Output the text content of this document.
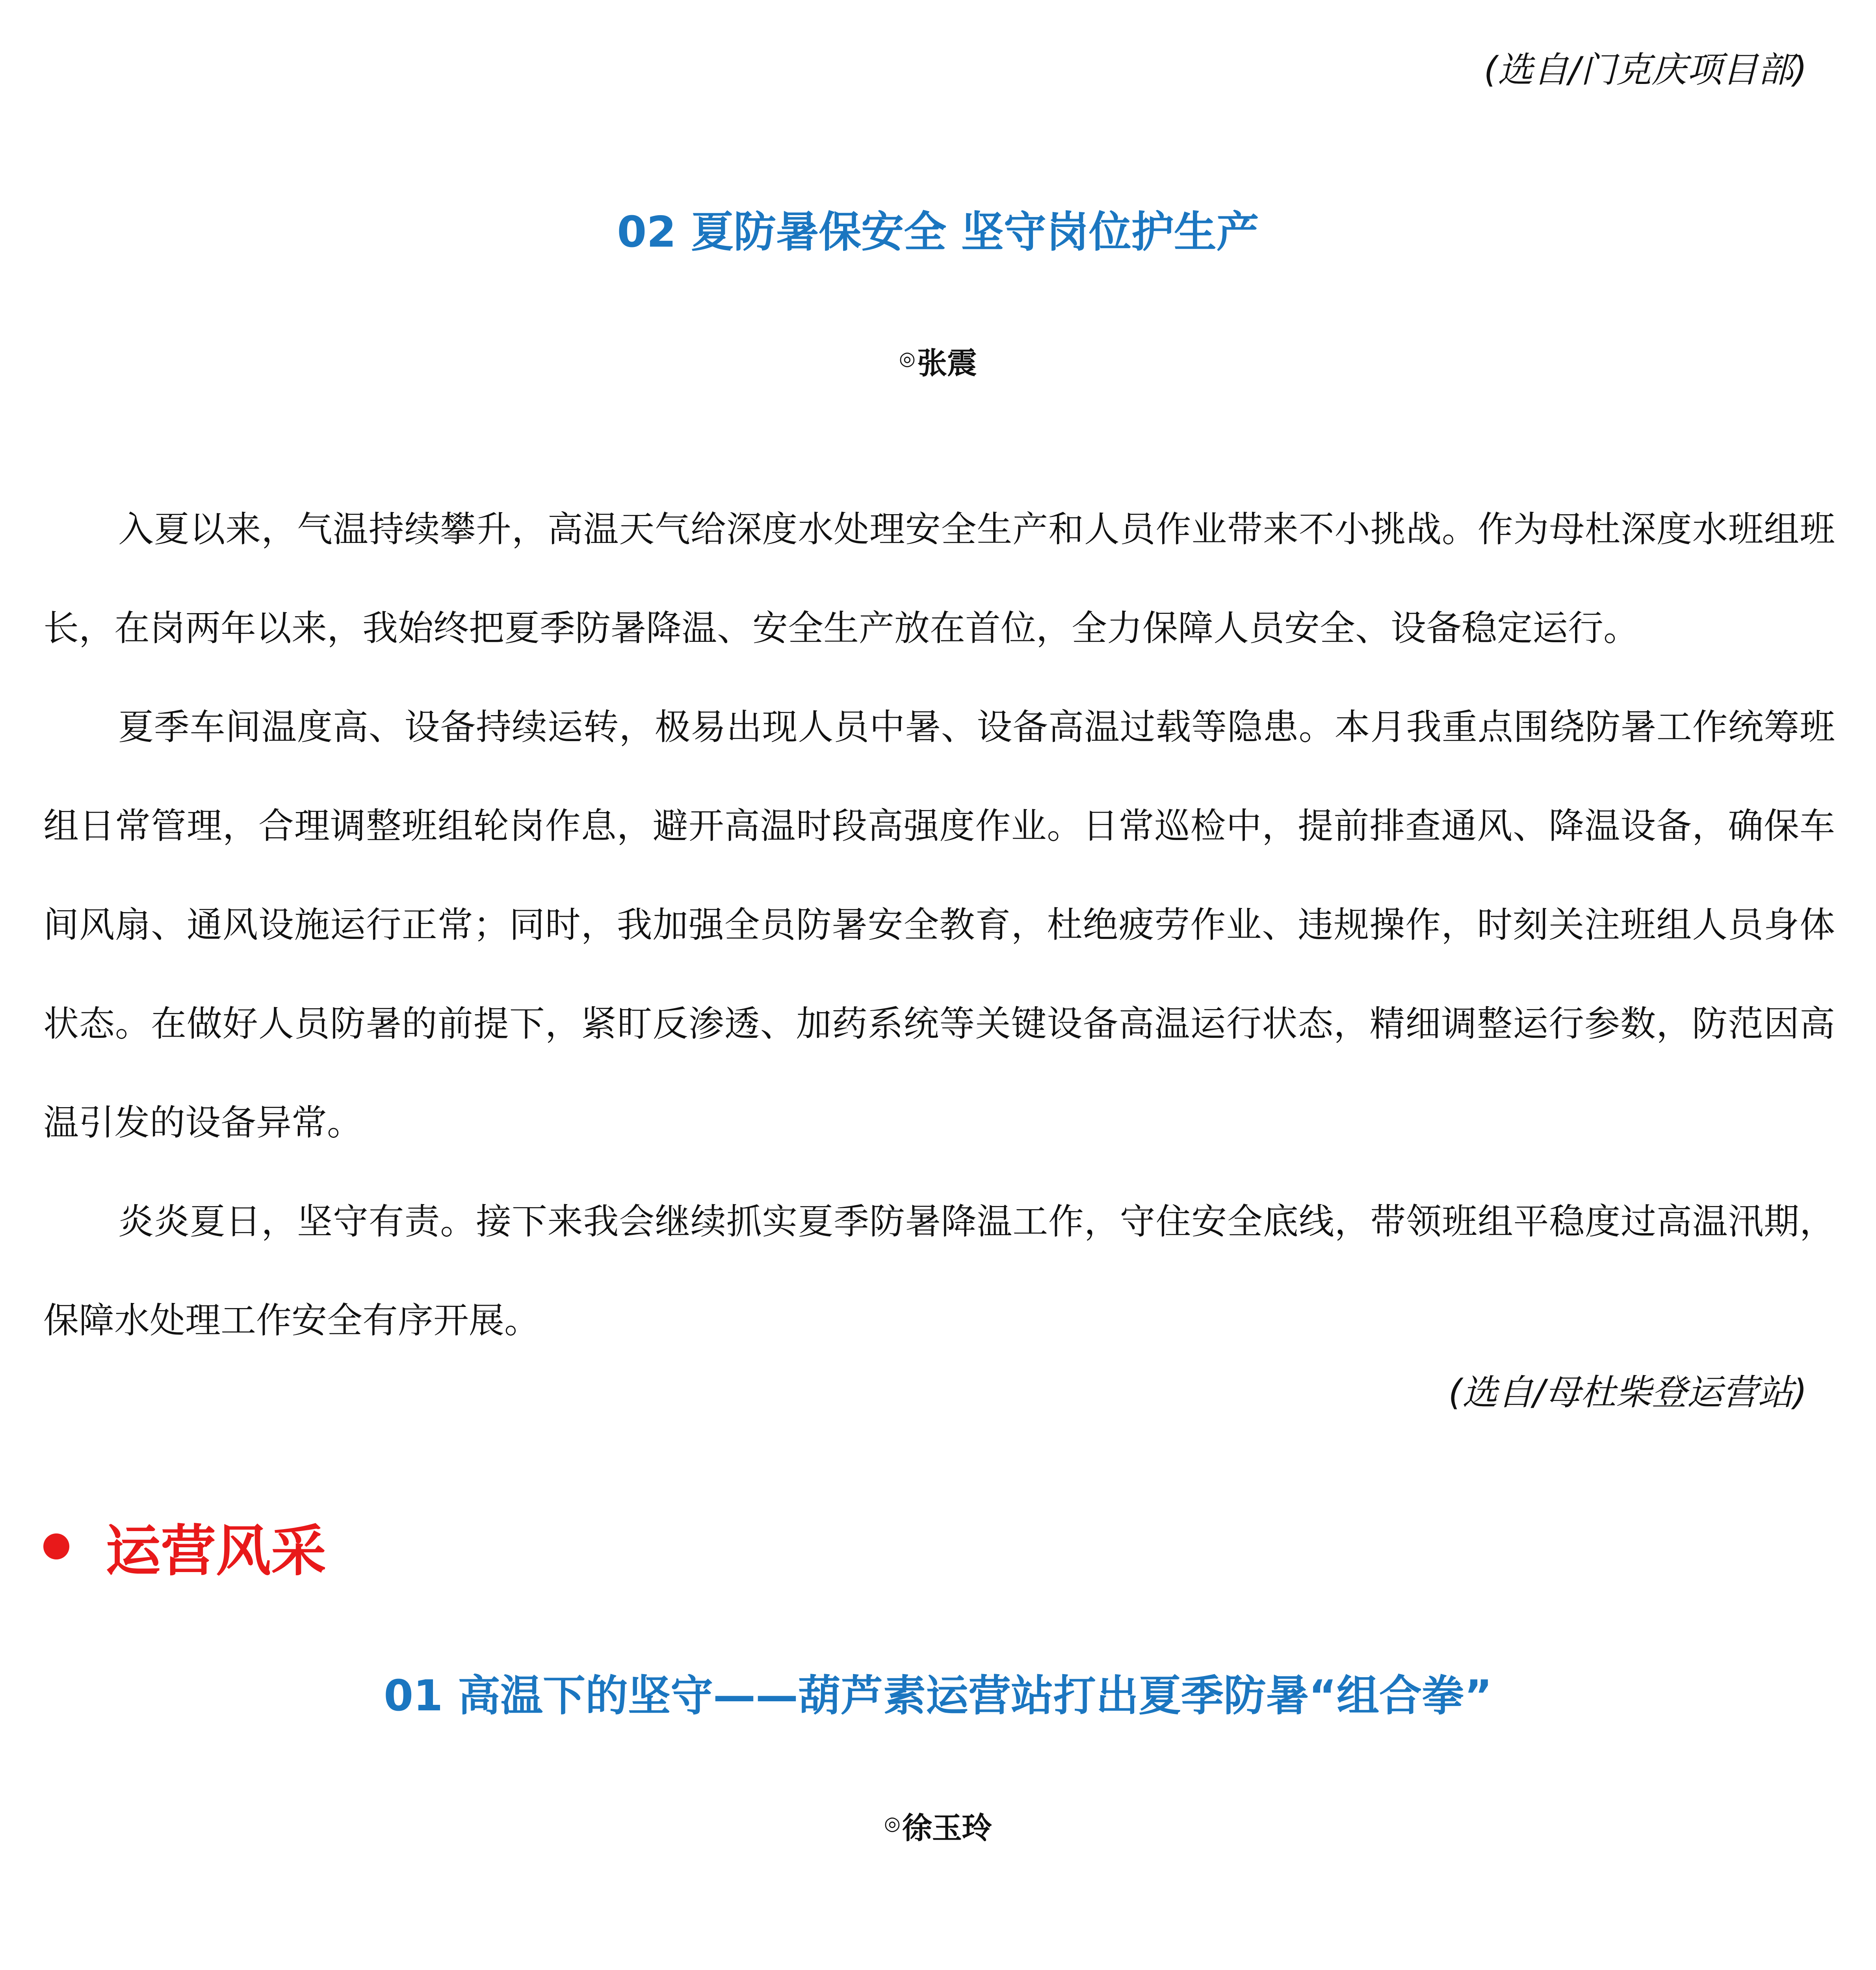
(选自/门克庆项目部)
02 夏防暑保安全 坚守岗位护生产
◎张震

入夏以来，气温持续攀升，高温天气给深度水处理安全生产和人员作业带来不小挑战。作为母杜深度水班组班长，在岗两年以来，我始终把夏季防暑降温、安全生产放在首位，全力保障人员安全、设备稳定运行。

夏季车间温度高、设备持续运转，极易出现人员中暑、设备高温过载等隐患。本月我重点围绕防暑工作统筹班组日常管理，合理调整班组轮岗作息，避开高温时段高强度作业。日常巡检中，提前排查通风、降温设备，确保车间风扇、通风设施运行正常；同时，我加强全员防暑安全教育，杜绝疲劳作业、违规操作，时刻关注班组人员身体状态。在做好人员防暑的前提下，紧盯反渗透、加药系统等关键设备高温运行状态，精细调整运行参数，防范因高温引发的设备异常。

炎炎夏日，坚守有责。接下来我会继续抓实夏季防暑降温工作，守住安全底线，带领班组平稳度过高温汛期，保障水处理工作安全有序开展。

(选自/母杜柴登运营站)
运营风采
01 高温下的坚守——葫芦素运营站打出夏季防暑“组合拳”
◎徐玉玲
